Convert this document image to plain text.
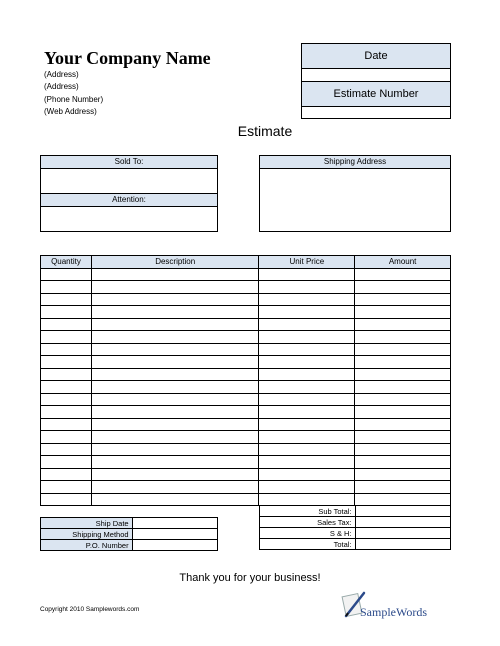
Your Company Name
(Address)
(Address)
(Phone Number)
(Web Address)
Date
Estimate Number
Estimate
Sold To:
Attention:
Shipping Address
Quantity	Description	Unit Price	Amount

Sub Total:	
Sales Tax:	
S & H:	
Total:	
Ship Date	
Shipping Method	
P.O. Number	
Thank you for your business!
Copyright 2010 Samplewords.com	SampleWords
